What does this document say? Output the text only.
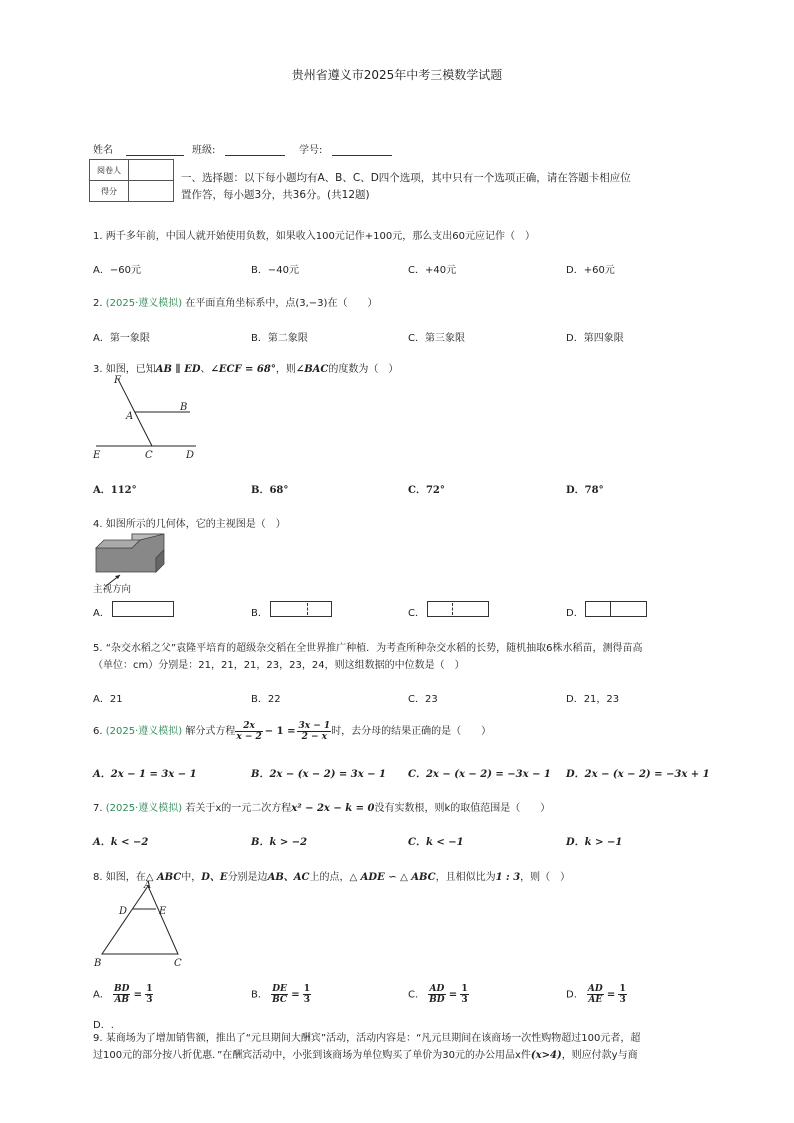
贵州省遵义市2025年中考三模数学试题
姓名	班级:	学号:
阅卷人	
得分	
一、选择题：以下每小题均有A、B、C、D四个选项，其中只有一个选项正确，请在答题卡相应位
置作答，每小题3分，共36分。(共12题)
1. 两千多年前，中国人就开始使用负数，如果收入100元记作+100元，那么支出60元应记作（　）
A．−60元	B．−40元	C．+40元	D．+60元
2. (2025·遵义模拟) 在平面直角坐标系中，点(3,−3)在（　　）
A．第一象限	B．第二象限	C．第三象限	D．第四象限
3. 如图，已知AB ∥ ED、∠ECF = 68°，则∠BAC的度数为（　）
F
A
B
E	C	D
A．112°	B．68°	C．72°	D．78°
4. 如图所示的几何体，它的主视图是（　）
主视方向
A．	B．	C．	D．
5. “杂交水稻之父”袁隆平培育的超级杂交稻在全世界推广种植．为考查所种杂交水稻的长势，随机抽取6株水稻苗，测得苗高
（单位：cm）分别是：21，21，21，23，23，24，则这组数据的中位数是（　）
A．21	B．22	C．23	D．21，23
6. (2025·遵义模拟) 解分式方程 $\frac{2x}{x - 2} - 1 = \frac{3x - 1}{2 - x}$ 时，去分母的结果正确的是（　　）
A．2x − 1 = 3x − 1	B．2x − (x − 2) = 3x − 1 C．2x − (x − 2) = −3x − 1 D．2x − (x − 2) = −3x + 1
7. (2025·遵义模拟) 若关于x的一元二次方程x² − 2x − k = 0没有实数根，则k的取值范围是（　　）
A．k < −2	B．k > −2	C．k < −1	D．k > −1
8. 如图，在△ ABC中，D、E分别是边AB、AC上的点，△ ADE ∽ △ ABC，且相似比为1 : 3，则（　）
A
D	E
B	C
A． $\frac{BD}{AB} = \frac{1}{3}$	B． $\frac{DE}{BC} = \frac{1}{3}$	C． $\frac{AD}{BD} = \frac{1}{3}$	D． $\frac{AD}{AE} = \frac{1}{3}$
D．.
9. 某商场为了增加销售额，推出了“元旦期间大酬宾”活动，活动内容是：“凡元旦期间在该商场一次性购物超过100元者，超
过100元的部分按八折优惠．”在酬宾活动中，小张到该商场为单位购买了单价为30元的办公用品x件(x>4)，则应付款y与商
